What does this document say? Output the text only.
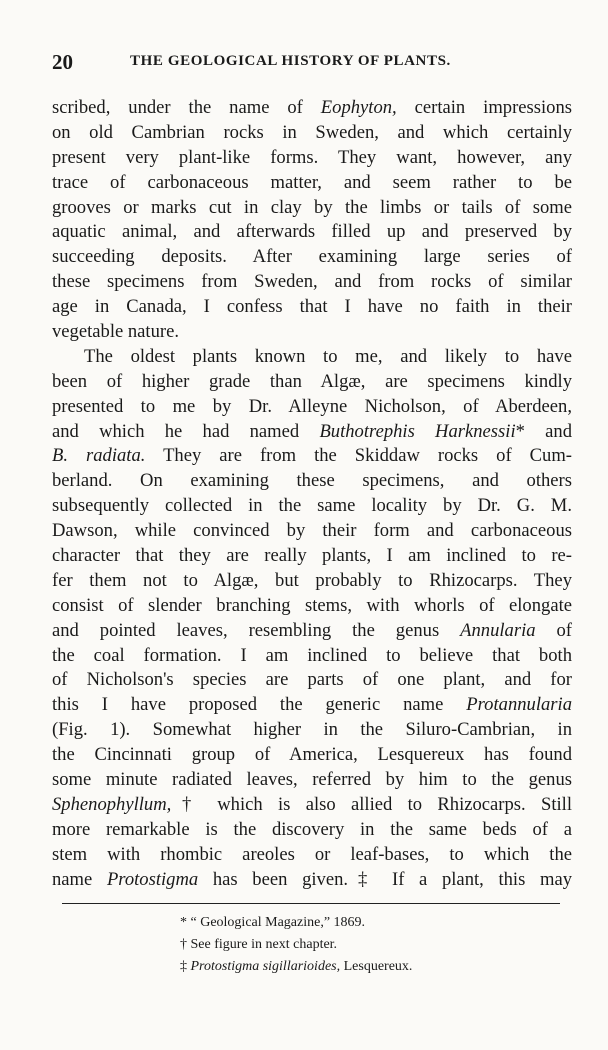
20	THE GEOLOGICAL HISTORY OF PLANTS.
scribed, under the name of Eophyton, certain impressions
on old Cambrian rocks in Sweden, and which certainly
present very plant-like forms. They want, however, any
trace of carbonaceous matter, and seem rather to be
grooves or marks cut in clay by the limbs or tails of some
aquatic animal, and afterwards filled up and preserved by
succeeding deposits. After examining large series of
these specimens from Sweden, and from rocks of similar
age in Canada, I confess that I have no faith in their
vegetable nature.
The oldest plants known to me, and likely to have
been of higher grade than Algæ, are specimens kindly
presented to me by Dr. Alleyne Nicholson, of Aberdeen,
and which he had named Buthotrephis Harknessii* and
B. radiata. They are from the Skiddaw rocks of Cum-
berland. On examining these specimens, and others
subsequently collected in the same locality by Dr. G. M.
Dawson, while convinced by their form and carbonaceous
character that they are really plants, I am inclined to re-
fer them not to Algæ, but probably to Rhizocarps. They
consist of slender branching stems, with whorls of elongate
and pointed leaves, resembling the genus Annularia of
the coal formation. I am inclined to believe that both
of Nicholson's species are parts of one plant, and for
this I have proposed the generic name Protannularia
(Fig. 1). Somewhat higher in the Siluro-Cambrian, in
the Cincinnati group of America, Lesquereux has found
some minute radiated leaves, referred by him to the genus
Sphenophyllum,† which is also allied to Rhizocarps. Still
more remarkable is the discovery in the same beds of a
stem with rhombic areoles or leaf-bases, to which the
name Protostigma has been given.‡ If a plant, this may
* “ Geological Magazine,” 1869.
† See figure in next chapter.
‡ Protostigma sigillarioides, Lesquereux.
